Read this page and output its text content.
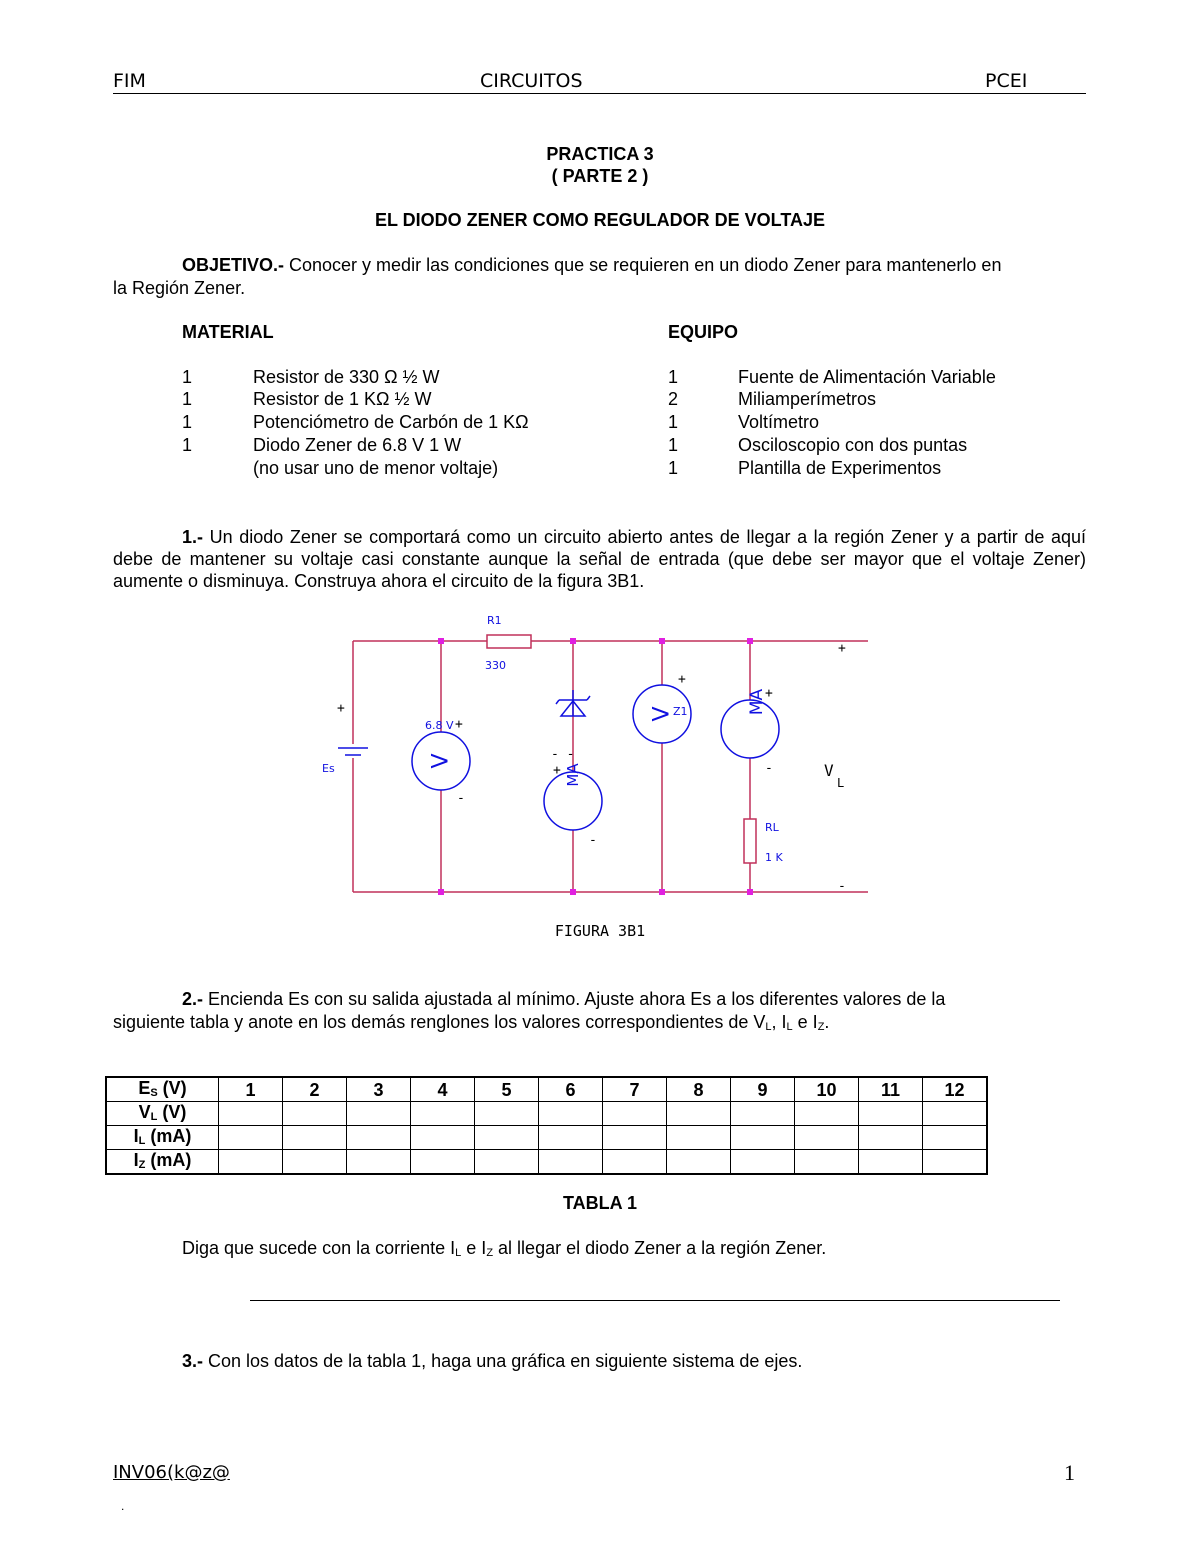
FIM	CIRCUITOS	PCEI
PRACTICA 3
( PARTE 2 )
EL DIODO ZENER COMO REGULADOR DE VOLTAJE
OBJETIVO.- Conocer y medir las condiciones que se requieren en un diodo Zener para mantenerlo en
la Región Zener.
MATERIAL	EQUIPO
1	Resistor de 330 Ω ½ W
1	Resistor de 1 KΩ ½ W
1	Potenciómetro de Carbón de 1 KΩ
1	Diodo Zener de 6.8 V 1 W
(no usar uno de menor voltaje)
1	Fuente de Alimentación Variable
2	Miliamperímetros
1	Voltímetro
1	Osciloscopio con dos puntas
1	Plantilla de Experimentos
1.- Un diodo Zener se comportará como un circuito abierto antes de llegar a la región Zener y a partir de aquí debe de mantener su voltaje casi constante aunque la señal de entrada (que debe ser mayor que el voltaje Zener) aumente o disminuya. Construya ahora el circuito de la figura 3B1.
V
V
MA
MA
R1
330
Es
6.8 V
Z1
RL
1 K
+
+
-
- -
+
-
+
+
-
+
-
V
L
FIGURA 3B1
2.- Encienda Es con su salida ajustada al mínimo. Ajuste ahora Es a los diferentes valores de la
siguiente tabla y anote en los demás renglones los valores correspondientes de $V_L$, $I_L$ e $I_Z$.
$E_S$ (V)	1	2	3	4	5	6	7	8	9	10	11	12
$V_L$ (V)												
$I_L$ (mA)												
$I_Z$ (mA)												
TABLA 1
Diga que sucede con la corriente $I_L$ e $I_Z$ al llegar el diodo Zener a la región Zener.
3.- Con los datos de la tabla 1, haga una gráfica en siguiente sistema de ejes.
INV06(k@z@	1
.
